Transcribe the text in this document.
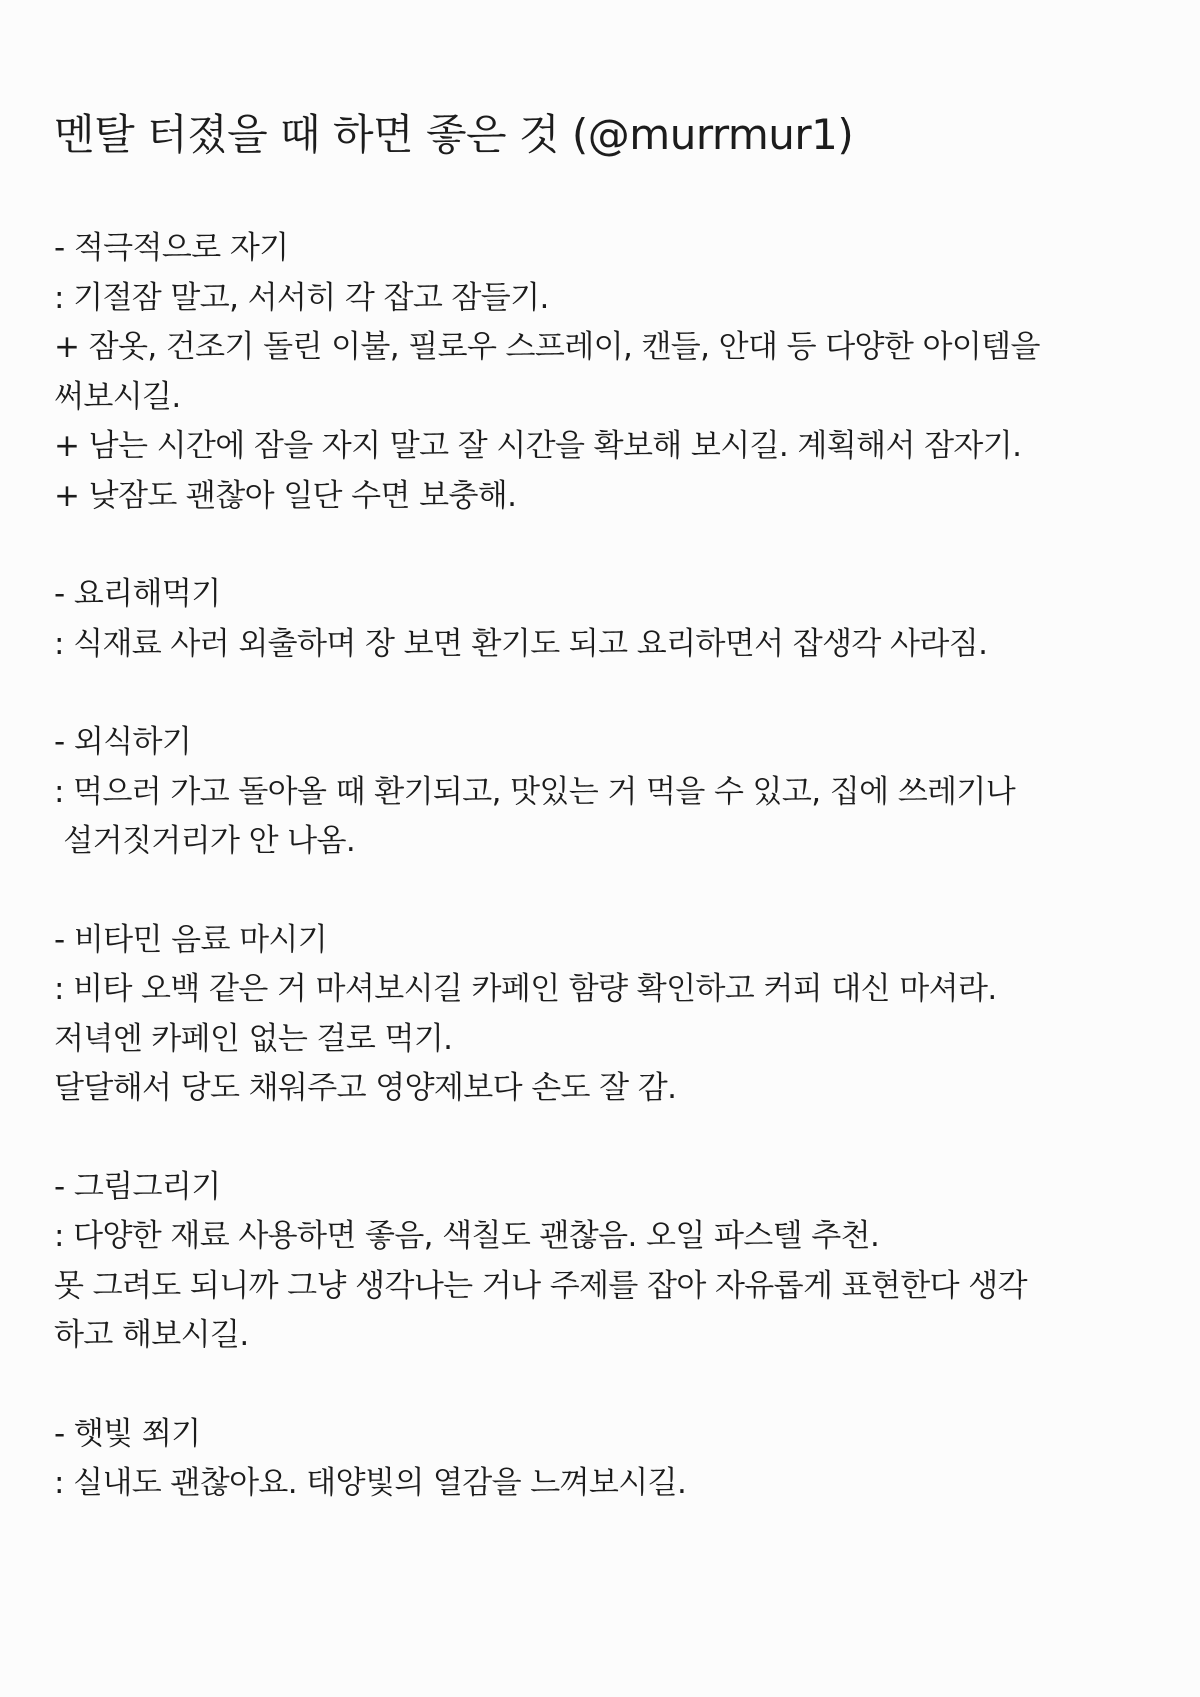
멘탈 터졌을 때 하면 좋은 것 (@murrmur1)
- 적극적으로 자기
: 기절잠 말고, 서서히 각 잡고 잠들기.
+ 잠옷, 건조기 돌린 이불, 필로우 스프레이, 캔들, 안대 등 다양한 아이템을
써보시길.
+ 남는 시간에 잠을 자지 말고 잘 시간을 확보해 보시길. 계획해서 잠자기.
+ 낮잠도 괜찮아 일단 수면 보충해.
- 요리해먹기
: 식재료 사러 외출하며 장 보면 환기도 되고 요리하면서 잡생각 사라짐.
- 외식하기
: 먹으러 가고 돌아올 때 환기되고, 맛있는 거 먹을 수 있고, 집에 쓰레기나
설거짓거리가 안 나옴.
- 비타민 음료 마시기
: 비타 오백 같은 거 마셔보시길 카페인 함량 확인하고 커피 대신 마셔라.
저녁엔 카페인 없는 걸로 먹기.
달달해서 당도 채워주고 영양제보다 손도 잘 감.
- 그림그리기
: 다양한 재료 사용하면 좋음, 색칠도 괜찮음. 오일 파스텔 추천.
못 그려도 되니까 그냥 생각나는 거나 주제를 잡아 자유롭게 표현한다 생각
하고 해보시길.
- 햇빛 쬐기
: 실내도 괜찮아요. 태양빛의 열감을 느껴보시길.
